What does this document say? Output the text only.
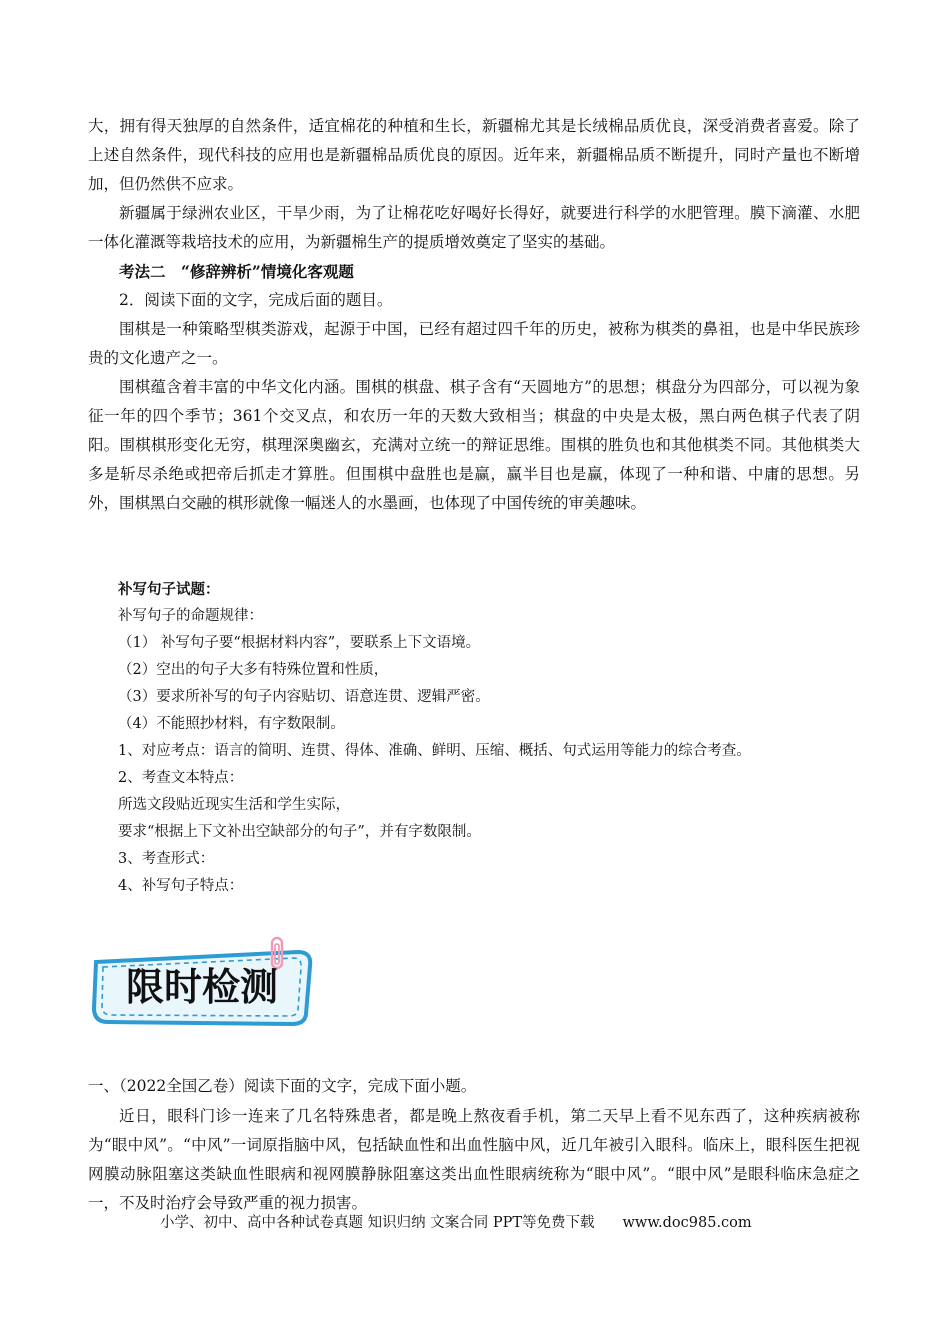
大，拥有得天独厚的自然条件，适宜棉花的种植和生长，新疆棉尤其是长绒棉品质优良，深受消费者喜爱。除了上述自然条件，现代科技的应用也是新疆棉品质优良的原因。近年来，新疆棉品质不断提升，同时产量也不断增加，但仍然供不应求。

新疆属于绿洲农业区，干旱少雨，为了让棉花吃好喝好长得好，就要进行科学的水肥管理。膜下滴灌、水肥一体化灌溉等栽培技术的应用，为新疆棉生产的提质增效奠定了坚实的基础。

考法二　“修辞辨析”情境化客观题

2．阅读下面的文字，完成后面的题目。

围棋是一种策略型棋类游戏，起源于中国，已经有超过四千年的历史，被称为棋类的鼻祖，也是中华民族珍贵的文化遗产之一。

围棋蕴含着丰富的中华文化内涵。围棋的棋盘、棋子含有“天圆地方”的思想；棋盘分为四部分，可以视为象征一年的四个季节；361个交叉点，和农历一年的天数大致相当；棋盘的中央是太极，黑白两色棋子代表了阴阳。围棋棋形变化无穷，棋理深奥幽玄，充满对立统一的辩证思维。围棋的胜负也和其他棋类不同。其他棋类大多是斩尽杀绝或把帝后抓走才算胜。但围棋中盘胜也是赢，赢半目也是赢，体现了一种和谐、中庸的思想。另外，围棋黑白交融的棋形就像一幅迷人的水墨画，也体现了中国传统的审美趣味。

补写句子试题：

补写句子的命题规律：

（1） 补写句子要“根据材料内容”，要联系上下文语境。

（2）空出的句子大多有特殊位置和性质，

（3）要求所补写的句子内容贴切、语意连贯、逻辑严密。

（4）不能照抄材料，有字数限制。

1、对应考点：语言的简明、连贯、得体、准确、鲜明、压缩、概括、句式运用等能力的综合考查。

2、考查文本特点：

所选文段贴近现实生活和学生实际，

要求“根据上下文补出空缺部分的句子”，并有字数限制。

3、考查形式：

4、补写句子特点：

限时检测

一、（2022全国乙卷）阅读下面的文字，完成下面小题。

近日，眼科门诊一连来了几名特殊患者，都是晚上熬夜看手机，第二天早上看不见东西了，这种疾病被称为“眼中风”。“中风”一词原指脑中风，包括缺血性和出血性脑中风，近几年被引入眼科。临床上，眼科医生把视网膜动脉阻塞这类缺血性眼病和视网膜静脉阻塞这类出血性眼病统称为“眼中风”。“眼中风”是眼科临床急症之一，不及时治疗会导致严重的视力损害。

小学、初中、高中各种试卷真题 知识归纳 文案合同 PPT等免费下载 www.doc985.com
